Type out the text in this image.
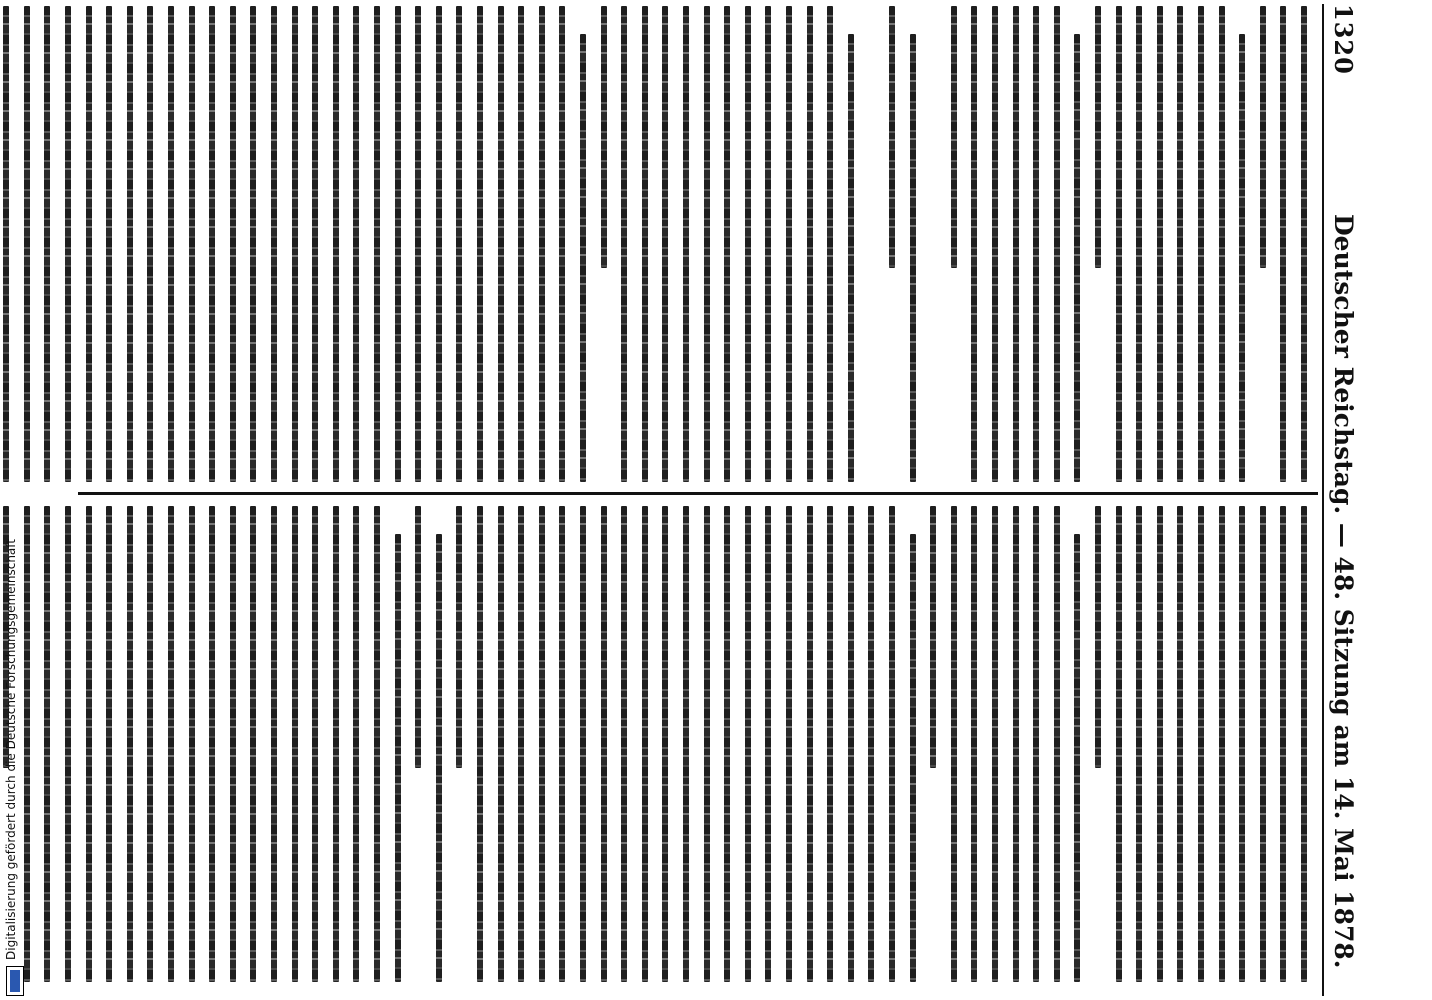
1320
Deutscher Reichstag. — 48. Sitzung am 14. Mai 1878.
Digitalisierung gefördert durch die Deutsche Forschungsgemeinschaft
